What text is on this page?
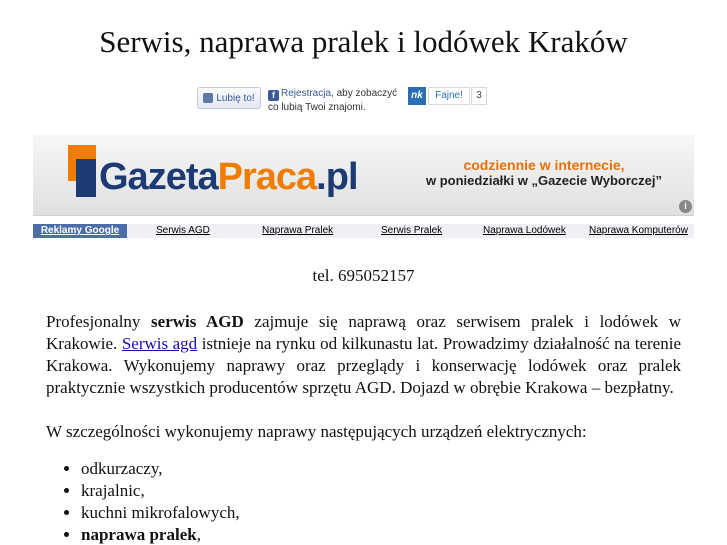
Serwis, naprawa pralek i lodówek Kraków
Lubię to!	f Rejestracja, aby zobaczyć co lubią Twoi znajomi.
nk	Fajne!	3
GazetaPraca.pl	codziennie w internecie,
w poniedziałki w „Gazecie Wyborczej”
i
Reklamy Google	Serwis AGD	Naprawa Pralek	Serwis Pralek	Naprawa Lodówek Naprawa Komputerów
tel. 695052157

Profesjonalny serwis AGD zajmuje się naprawą oraz serwisem pralek i lodówek w Krakowie. Serwis agd istnieje na rynku od kilkunastu lat. Prowadzimy działalność na terenie Krakowa. Wykonujemy naprawy oraz przeglądy i konserwację lodówek oraz pralek praktycznie wszystkich producentów sprzętu AGD. Dojazd w obrębie Krakowa – bezpłatny.

W szczególności wykonujemy naprawy następujących urządzeń elektrycznych:

• odkurzaczy,
• krajalnic,
• kuchni mikrofalowych,
• naprawa pralek,
